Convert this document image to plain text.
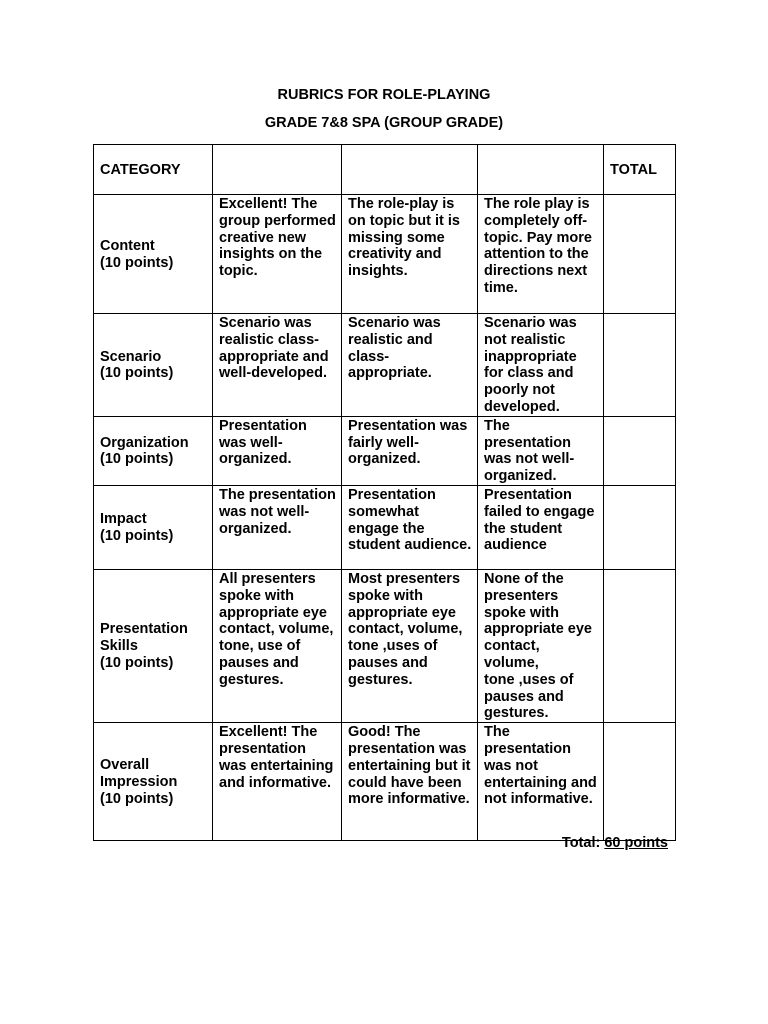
RUBRICS FOR ROLE-PLAYING
GRADE 7&8 SPA (GROUP GRADE)
CATEGORY				TOTAL
Content
(10 points)	Excellent! The group performed creative new insights on the topic.	The role-play is on topic but it is missing some creativity and insights.	The role play is completely off-topic. Pay more attention to the directions next time.	
Scenario
(10 points)	Scenario was realistic class-appropriate and well-developed.	Scenario was realistic and class-appropriate.	Scenario was not realistic inappropriate for class and poorly not developed.	
Organization
(10 points)	Presentation was well-organized.	Presentation was fairly well-organized.	The presentation was not well-organized.	
Impact
(10 points)	The presentation was not well-organized.	Presentation somewhat engage the student audience.	Presentation failed to engage the student audience	
Presentation Skills
(10 points)	All presenters spoke with appropriate eye contact, volume, tone, use of pauses and gestures.	Most presenters spoke with appropriate eye contact, volume,
tone ,uses of pauses and gestures.	None of the presenters spoke with appropriate eye contact, volume,
tone ,uses of pauses and gestures.	
Overall Impression
(10 points)	Excellent! The presentation was entertaining and informative.	Good! The presentation was entertaining but it could have been more informative.	The presentation was not entertaining and not informative.	
Total: 60 points
